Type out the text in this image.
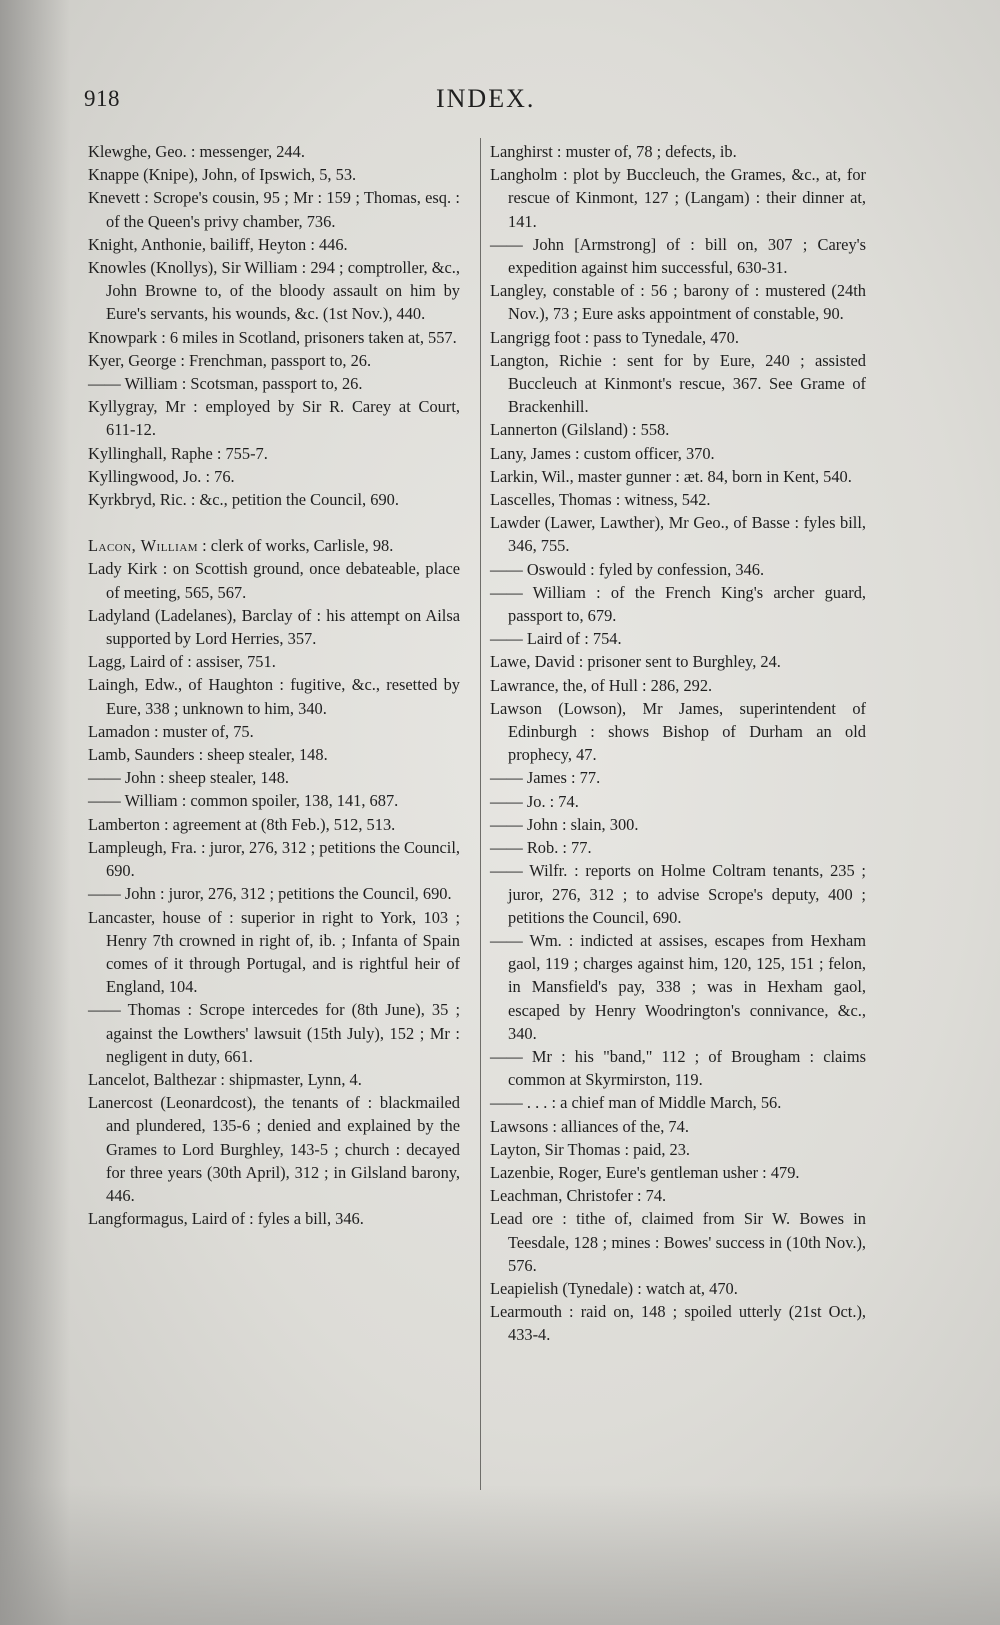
918	INDEX.

Klewghe, Geo. : messenger, 244.

Knappe (Knipe), John, of Ipswich, 5, 53.

Knevett : Scrope's cousin, 95 ; Mr : 159 ; Thomas, esq. : of the Queen's privy chamber, 736.

Knight, Anthonie, bailiff, Heyton : 446.

Knowles (Knollys), Sir William : 294 ; comptroller, &c., John Browne to, of the bloody assault on him by Eure's servants, his wounds, &c. (1st Nov.), 440.

Knowpark : 6 miles in Scotland, prisoners taken at, 557.

Kyer, George : Frenchman, passport to, 26.

—— William : Scotsman, passport to, 26.

Kyllygray, Mr : employed by Sir R. Carey at Court, 611-12.

Kyllinghall, Raphe : 755-7.

Kyllingwood, Jo. : 76.

Kyrkbryd, Ric. : &c., petition the Council, 690.

Lacon, William : clerk of works, Carlisle, 98.

Lady Kirk : on Scottish ground, once debateable, place of meeting, 565, 567.

Ladyland (Ladelanes), Barclay of : his attempt on Ailsa supported by Lord Herries, 357.

Lagg, Laird of : assiser, 751.

Laingh, Edw., of Haughton : fugitive, &c., resetted by Eure, 338 ; unknown to him, 340.

Lamadon : muster of, 75.

Lamb, Saunders : sheep stealer, 148.

—— John : sheep stealer, 148.

—— William : common spoiler, 138, 141, 687.

Lamberton : agreement at (8th Feb.), 512, 513.

Lampleugh, Fra. : juror, 276, 312 ; petitions the Council, 690.

—— John : juror, 276, 312 ; petitions the Council, 690.

Lancaster, house of : superior in right to York, 103 ; Henry 7th crowned in right of, ib. ; Infanta of Spain comes of it through Portugal, and is rightful heir of England, 104.

—— Thomas : Scrope intercedes for (8th June), 35 ; against the Lowthers' lawsuit (15th July), 152 ; Mr : negligent in duty, 661.

Lancelot, Balthezar : shipmaster, Lynn, 4.

Lanercost (Leonardcost), the tenants of : blackmailed and plundered, 135-6 ; denied and explained by the Grames to Lord Burghley, 143-5 ; church : decayed for three years (30th April), 312 ; in Gilsland barony, 446.

Langformagus, Laird of : fyles a bill, 346.

Langhirst : muster of, 78 ; defects, ib.

Langholm : plot by Buccleuch, the Grames, &c., at, for rescue of Kinmont, 127 ; (Langam) : their dinner at, 141.

—— John [Armstrong] of : bill on, 307 ; Carey's expedition against him successful, 630-31.

Langley, constable of : 56 ; barony of : mustered (24th Nov.), 73 ; Eure asks appointment of constable, 90.

Langrigg foot : pass to Tynedale, 470.

Langton, Richie : sent for by Eure, 240 ; assisted Buccleuch at Kinmont's rescue, 367. See Grame of Brackenhill.

Lannerton (Gilsland) : 558.

Lany, James : custom officer, 370.

Larkin, Wil., master gunner : æt. 84, born in Kent, 540.

Lascelles, Thomas : witness, 542.

Lawder (Lawer, Lawther), Mr Geo., of Basse : fyles bill, 346, 755.

—— Oswould : fyled by confession, 346.

—— William : of the French King's archer guard, passport to, 679.

—— Laird of : 754.

Lawe, David : prisoner sent to Burghley, 24.

Lawrance, the, of Hull : 286, 292.

Lawson (Lowson), Mr James, superintendent of Edinburgh : shows Bishop of Durham an old prophecy, 47.

—— James : 77.

—— Jo. : 74.

—— John : slain, 300.

—— Rob. : 77.

—— Wilfr. : reports on Holme Coltram tenants, 235 ; juror, 276, 312 ; to advise Scrope's deputy, 400 ; petitions the Council, 690.

—— Wm. : indicted at assises, escapes from Hexham gaol, 119 ; charges against him, 120, 125, 151 ; felon, in Mansfield's pay, 338 ; was in Hexham gaol, escaped by Henry Woodrington's connivance, &c., 340.

—— Mr : his "band," 112 ; of Brougham : claims common at Skyrmirston, 119.

—— . . . : a chief man of Middle March, 56.

Lawsons : alliances of the, 74.

Layton, Sir Thomas : paid, 23.

Lazenbie, Roger, Eure's gentleman usher : 479.

Leachman, Christofer : 74.

Lead ore : tithe of, claimed from Sir W. Bowes in Teesdale, 128 ; mines : Bowes' success in (10th Nov.), 576.

Leapielish (Tynedale) : watch at, 470.

Learmouth : raid on, 148 ; spoiled utterly (21st Oct.), 433-4.
